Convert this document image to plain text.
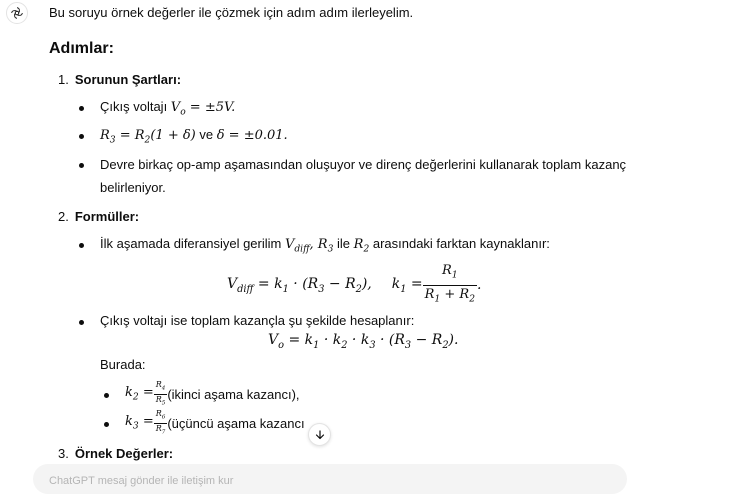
Bu soruyu örnek değerler ile çözmek için adım adım ilerleyelim.
Adımlar:
1. Sorunun Şartları:
Çıkış voltajı $V_o = \pm 5V$.
$R_3 = R_2(1 + \delta)$ ve δ = ±0.01.
Devre birkaç op-amp aşamasından oluşuyor ve direnç değerlerini kullanarak toplam kazanç
belirleniyor.
2. Formüller:
İlk aşamada diferansiyel gerilim $V_{diff}$, $R_3$ ile $R_2$ arasındaki farktan kaynaklanır:
$V_{diff} = k_1 \cdot (R_3 - R_2)$, $k_1 = \frac{R_1}{R_1 + R_2}$ .
Çıkış voltajı ise toplam kazançla şu şekilde hesaplanır:
$V_o = k_1 \cdot k_2 \cdot k_3 \cdot (R_3 - R_2)$.
Burada:
$k_2 = \frac{R_4}{R_5}$ (ikinci aşama kazancı),
$k_3 = \frac{R_6}{R_7}$ (üçüncü aşama kazancı
3. Örnek Değerler:
ChatGPT mesaj gönder ile iletişim kur
